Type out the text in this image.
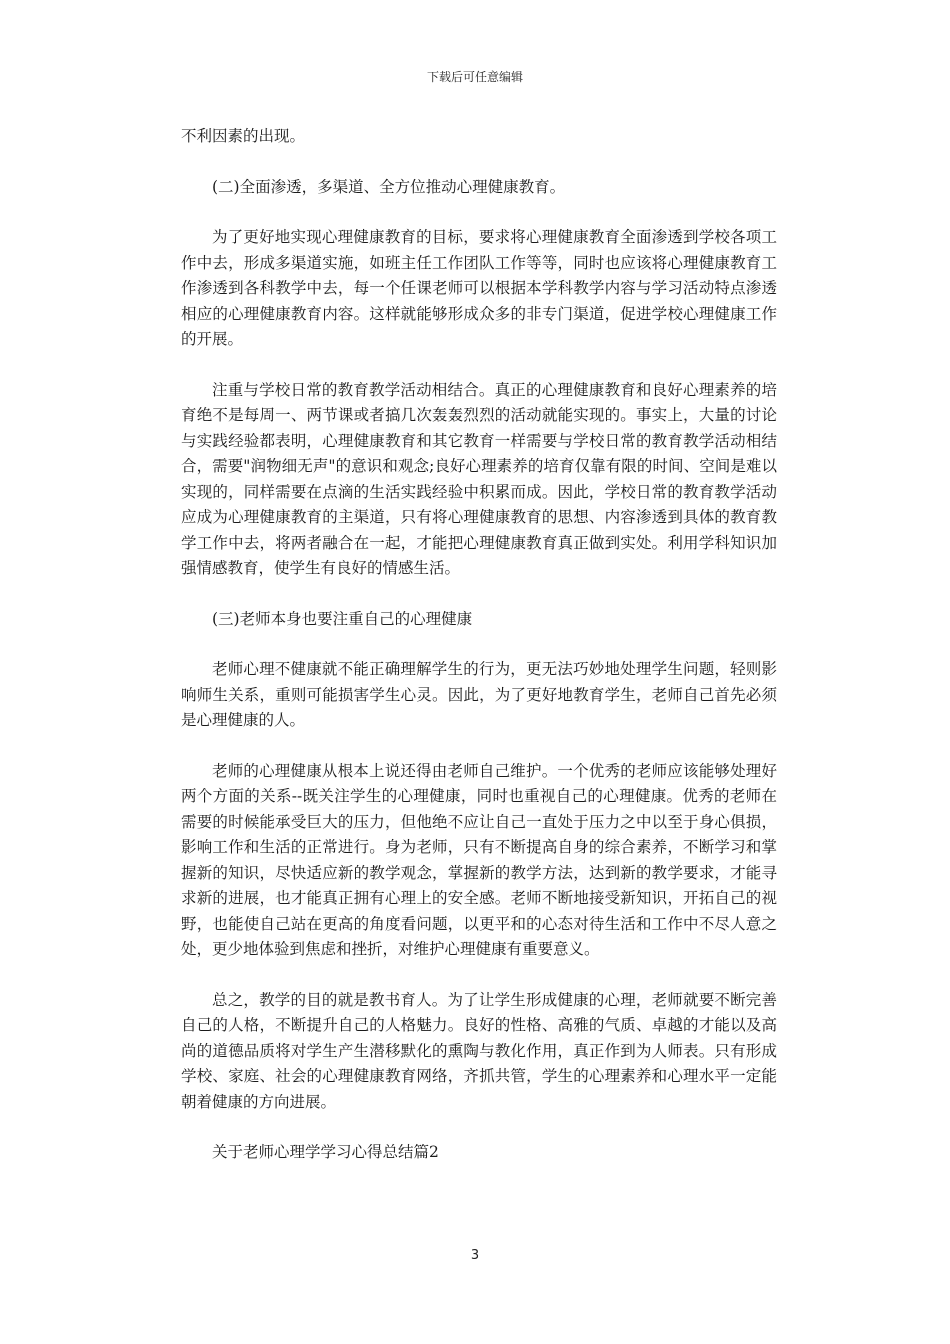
下载后可任意编辑

不利因素的出现。

(二)全面渗透，多渠道、全方位推动心理健康教育。

为了更好地实现心理健康教育的目标，要求将心理健康教育全面渗透到学校各项工作中去，形成多渠道实施，如班主任工作团队工作等等，同时也应该将心理健康教育工作渗透到各科教学中去，每一个任课老师可以根据本学科教学内容与学习活动特点渗透相应的心理健康教育内容。这样就能够形成众多的非专门渠道，促进学校心理健康工作的开展。

注重与学校日常的教育教学活动相结合。真正的心理健康教育和良好心理素养的培育绝不是每周一、两节课或者搞几次轰轰烈烈的活动就能实现的。事实上，大量的讨论与实践经验都表明，心理健康教育和其它教育一样需要与学校日常的教育教学活动相结合，需要"润物细无声"的意识和观念;良好心理素养的培育仅靠有限的时间、空间是难以实现的，同样需要在点滴的生活实践经验中积累而成。因此，学校日常的教育教学活动应成为心理健康教育的主渠道，只有将心理健康教育的思想、内容渗透到具体的教育教学工作中去，将两者融合在一起，才能把心理健康教育真正做到实处。利用学科知识加强情感教育，使学生有良好的情感生活。

(三)老师本身也要注重自己的心理健康

老师心理不健康就不能正确理解学生的行为，更无法巧妙地处理学生问题，轻则影响师生关系，重则可能损害学生心灵。因此，为了更好地教育学生，老师自己首先必须是心理健康的人。

老师的心理健康从根本上说还得由老师自己维护。一个优秀的老师应该能够处理好两个方面的关系--既关注学生的心理健康，同时也重视自己的心理健康。优秀的老师在需要的时候能承受巨大的压力，但他绝不应让自己一直处于压力之中以至于身心俱损，影响工作和生活的正常进行。身为老师，只有不断提高自身的综合素养，不断学习和掌握新的知识，尽快适应新的教学观念，掌握新的教学方法，达到新的教学要求，才能寻求新的进展，也才能真正拥有心理上的安全感。老师不断地接受新知识，开拓自己的视野，也能使自己站在更高的角度看问题，以更平和的心态对待生活和工作中不尽人意之处，更少地体验到焦虑和挫折，对维护心理健康有重要意义。

总之，教学的目的就是教书育人。为了让学生形成健康的心理，老师就要不断完善自己的人格，不断提升自己的人格魅力。良好的性格、高雅的气质、卓越的才能以及高尚的道德品质将对学生产生潜移默化的熏陶与教化作用，真正作到为人师表。只有形成学校、家庭、社会的心理健康教育网络，齐抓共管，学生的心理素养和心理水平一定能朝着健康的方向进展。

关于老师心理学学习心得总结篇2

3
